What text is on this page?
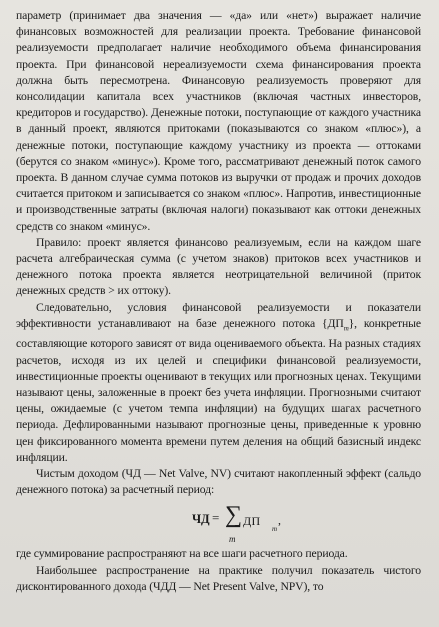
параметр (принимает два значения — «да» или «нет») выражает наличие финансовых возможностей для реализации проекта. Требование финансовой реализуемости предполагает наличие необходимого объема финансирования проекта. При финансовой нереализуемости схема финансирования проекта должна быть пересмотрена. Финансовую реализуемость проверяют для консолидации капитала всех участников (включая частных инвесторов, кредиторов и государство). Денежные потоки, поступающие от каждого участника в данный проект, являются притоками (показываются со знаком «плюс»), а денежные потоки, поступающие каждому участнику из проекта — оттоками (берутся со знаком «минус»). Кроме того, рассматривают денежный поток самого проекта. В данном случае сумма потоков из выручки от продаж и прочих доходов считается притоком и записывается со знаком «плюс». Напротив, инвестиционные и производственные затраты (включая налоги) показывают как оттоки денежных средств со знаком «минус».

Правило: проект является финансово реализуемым, если на каждом шаге расчета алгебраическая сумма (с учетом знаков) притоков всех участников и денежного потока проекта является неотрицательной величиной (приток денежных средств > их оттоку).

Следовательно, условия финансовой реализуемости и показатели эффективности устанавливают на базе денежного потока $\{ДП_m\}$, конкретные составляющие которого зависят от вида оцениваемого объекта. На разных стадиях расчетов, исходя из их целей и специфики финансовой реализуемости, инвестиционные проекты оценивают в текущих или прогнозных ценах. Текущими называют цены, заложенные в проект без учета инфляции. Прогнозными считают цены, ожидаемые (с учетом темпа инфляции) на будущих шагах расчетного периода. Дефлированными называют прогнозные цены, приведенные к уровню цен фиксированного момента времени путем деления на общий базисный индекс инфляции.

Чистым доходом (ЧД — Net Valve, NV) считают накопленный эффект (сальдо денежного потока) за расчетный период:

ЧД = ∑ ДП
m
,
m

где суммирование распространяют на все шаги расчетного периода.

Наибольшее распространение на практике получил показатель чистого дисконтированного дохода (ЧДД — Net Present Valve, NPV), то
